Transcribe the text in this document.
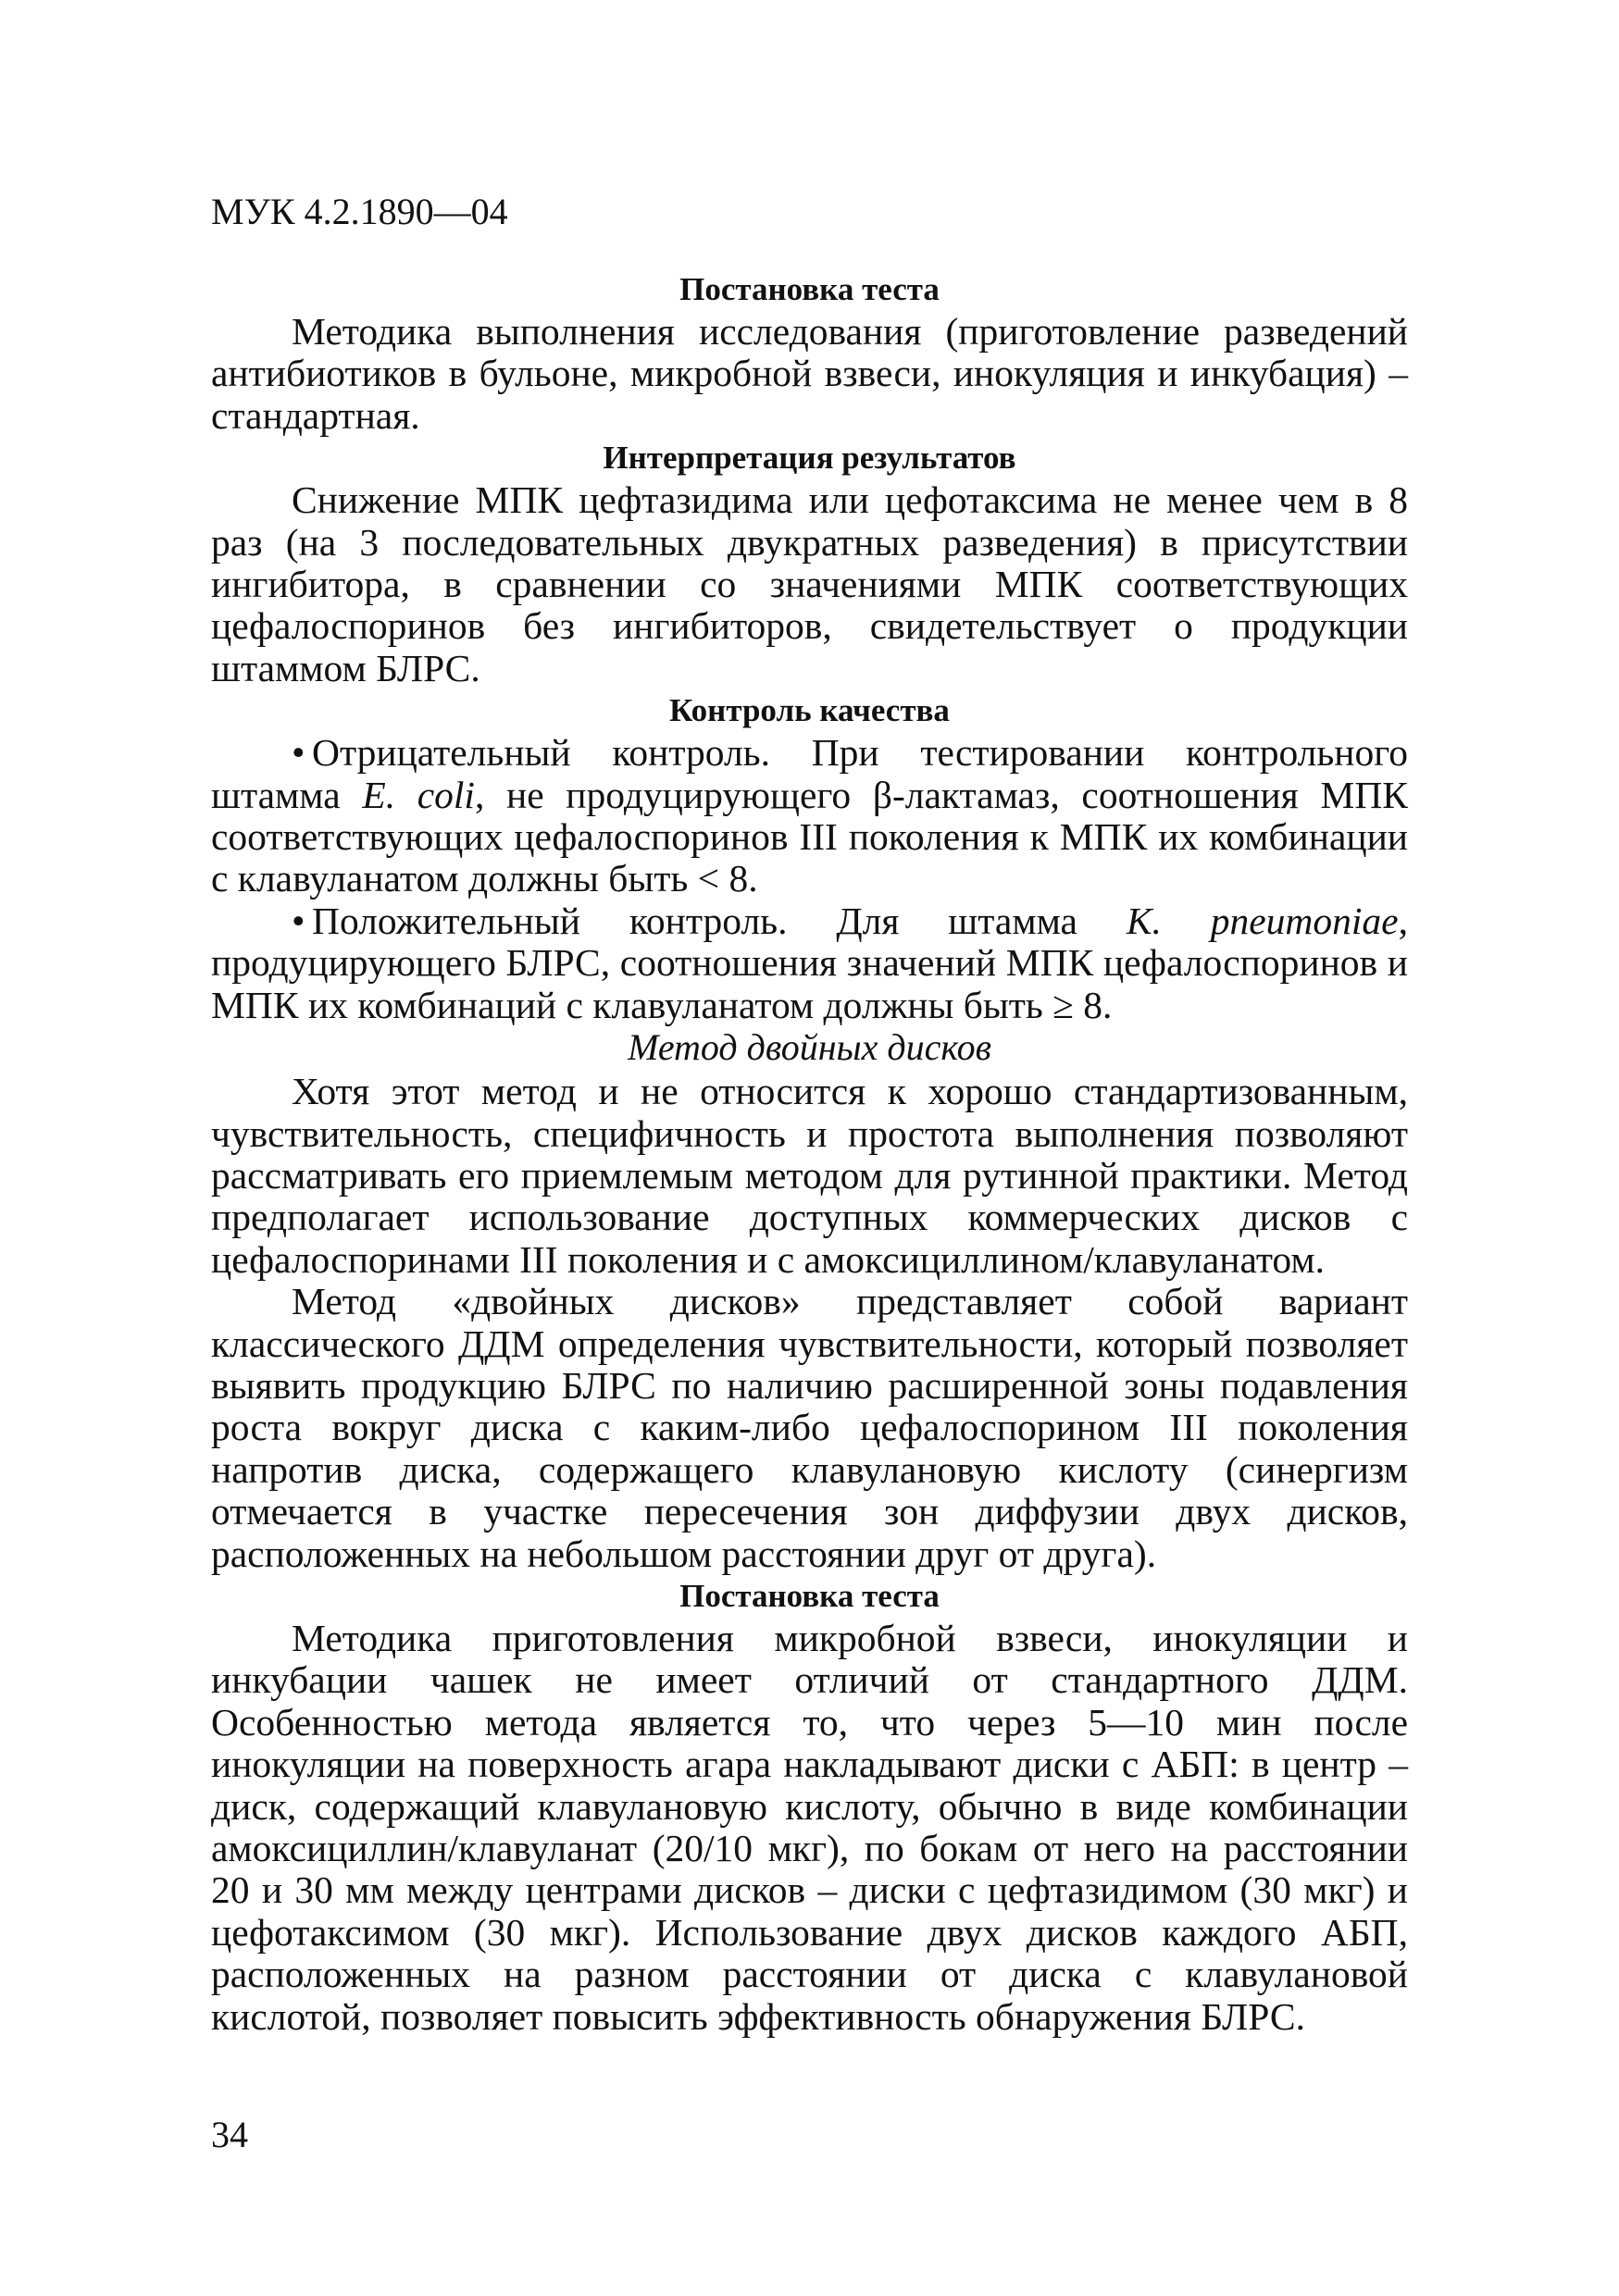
МУК 4.2.1890—04
Постановка теста

Методика выполнения исследования (приготовление разведений антибиотиков в бульоне, микробной взвеси, инокуляция и инкубация) – стандартная.

Интерпретация результатов

Снижение МПК цефтазидима или цефотаксима не менее чем в 8 раз (на 3 последовательных двукратных разведения) в присутствии ингибитора, в сравнении со значениями МПК соответствующих цефалоспоринов без ингибиторов, свидетельствует о продукции штаммом БЛРС.

Контроль качества

• Отрицательный контроль. При тестировании контрольного штамма E. coli, не продуцирующего β-лактамаз, соотношения МПК соответствующих цефалоспоринов III поколения к МПК их комбинации с клавуланатом должны быть < 8.

• Положительный контроль. Для штамма K. pneumoniae, продуцирующего БЛРС, соотношения значений МПК цефалоспоринов и МПК их комбинаций с клавуланатом должны быть ≥ 8.

Метод двойных дисков

Хотя этот метод и не относится к хорошо стандартизованным, чувствительность, специфичность и простота выполнения позволяют рассматривать его приемлемым методом для рутинной практики. Метод предполагает использование доступных коммерческих дисков с цефалоспоринами III поколения и с амоксициллином/клавуланатом.

Метод «двойных дисков» представляет собой вариант классического ДДМ определения чувствительности, который позволяет выявить продукцию БЛРС по наличию расширенной зоны подавления роста вокруг диска с каким-либо цефалоспорином III поколения напротив диска, содержащего клавулановую кислоту (синергизм отмечается в участке пересечения зон диффузии двух дисков, расположенных на небольшом расстоянии друг от друга).

Постановка теста

Методика приготовления микробной взвеси, инокуляции и инкубации чашек не имеет отличий от стандартного ДДМ. Особенностью метода является то, что через 5—10 мин после инокуляции на поверхность агара накладывают диски с АБП: в центр – диск, содержащий клавулановую кислоту, обычно в виде комбинации амоксициллин/клавуланат (20/10 мкг), по бокам от него на расстоянии 20 и 30 мм между центрами дисков – диски с цефтазидимом (30 мкг) и цефотаксимом (30 мкг). Использование двух дисков каждого АБП, расположенных на разном расстоянии от диска с клавулановой кислотой, позволяет повысить эффективность обнаружения БЛРС.

34
